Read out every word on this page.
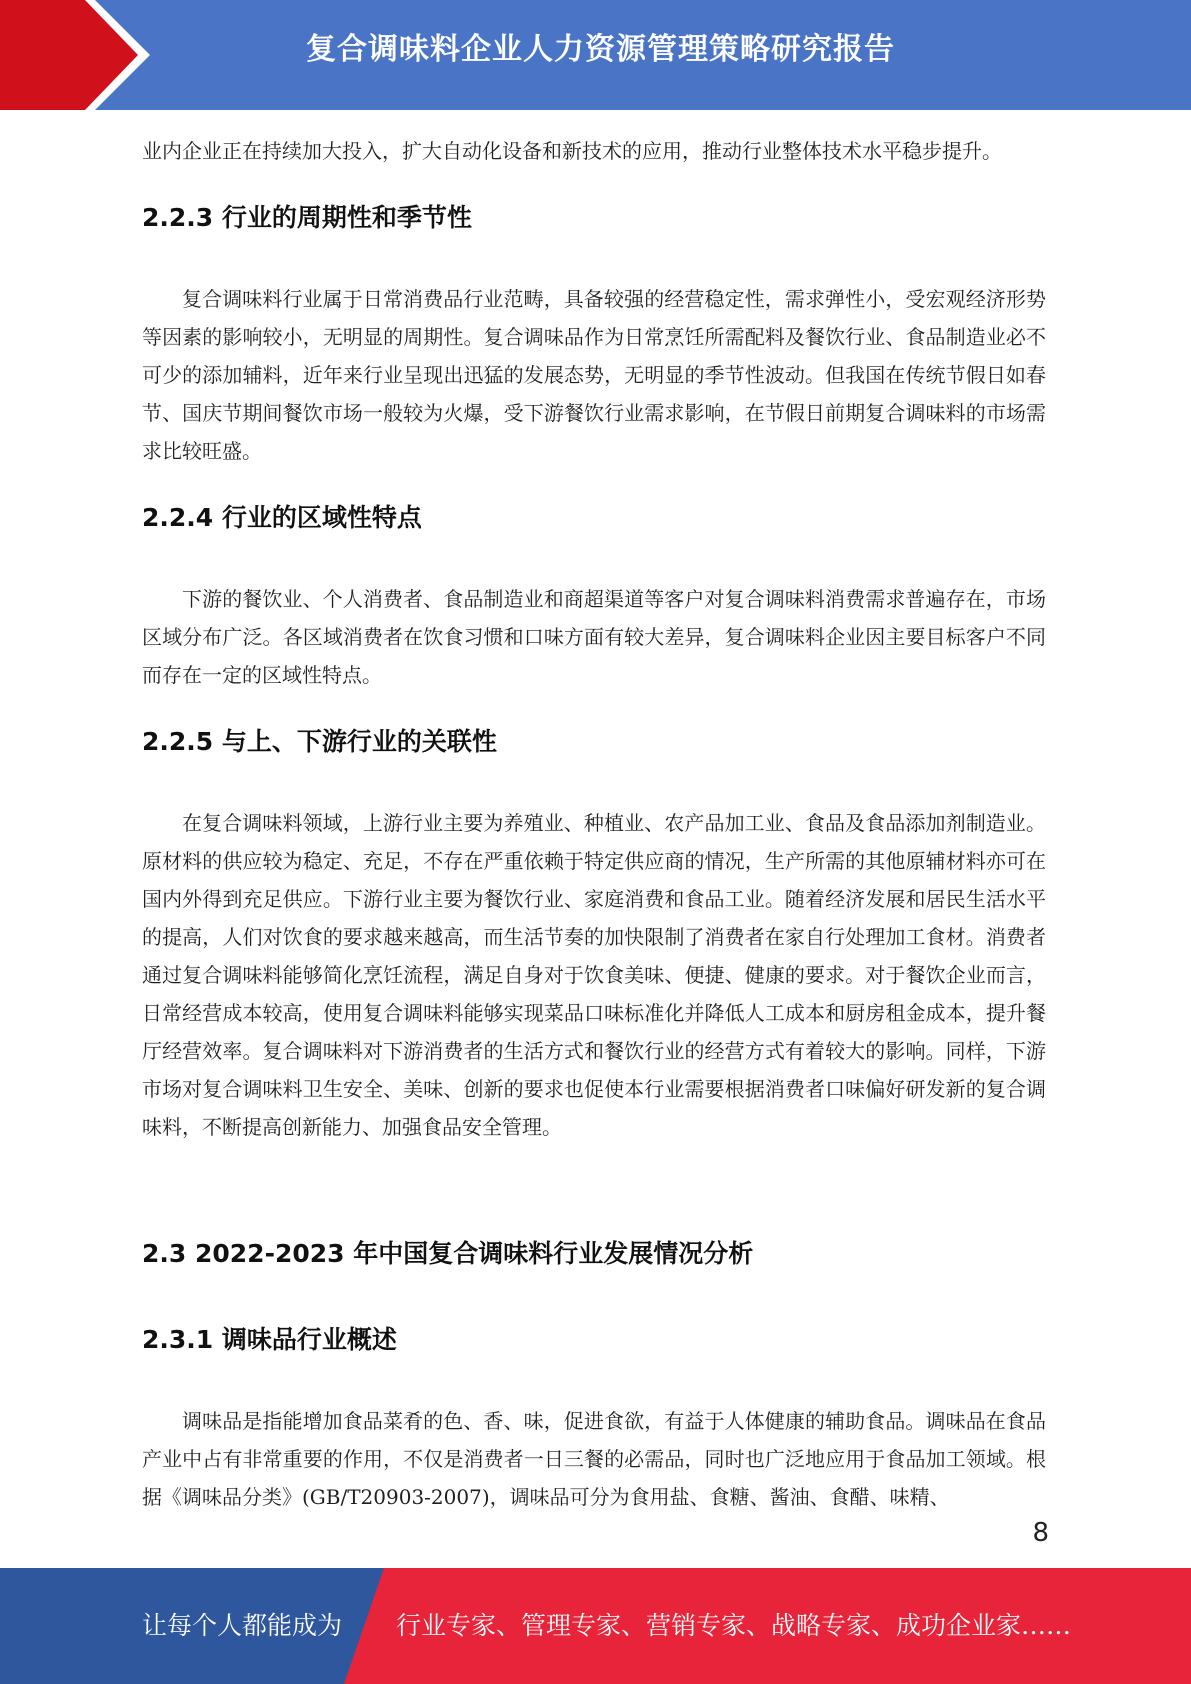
复合调味料企业人力资源管理策略研究报告

业内企业正在持续加大投入，扩大自动化设备和新技术的应用，推动行业整体技术水平稳步提升。

2.2.3 行业的周期性和季节性

复合调味料行业属于日常消费品行业范畴，具备较强的经营稳定性，需求弹性小，受宏观经济形势等因素的影响较小，无明显的周期性。复合调味品作为日常烹饪所需配料及餐饮行业、食品制造业必不可少的添加辅料，近年来行业呈现出迅猛的发展态势，无明显的季节性波动。但我国在传统节假日如春节、国庆节期间餐饮市场一般较为火爆，受下游餐饮行业需求影响，在节假日前期复合调味料的市场需求比较旺盛。

2.2.4 行业的区域性特点

下游的餐饮业、个人消费者、食品制造业和商超渠道等客户对复合调味料消费需求普遍存在，市场区域分布广泛。各区域消费者在饮食习惯和口味方面有较大差异，复合调味料企业因主要目标客户不同而存在一定的区域性特点。

2.2.5 与上、下游行业的关联性

在复合调味料领域，上游行业主要为养殖业、种植业、农产品加工业、食品及食品添加剂制造业。原材料的供应较为稳定、充足，不存在严重依赖于特定供应商的情况，生产所需的其他原辅材料亦可在国内外得到充足供应。下游行业主要为餐饮行业、家庭消费和食品工业。随着经济发展和居民生活水平的提高，人们对饮食的要求越来越高，而生活节奏的加快限制了消费者在家自行处理加工食材。消费者通过复合调味料能够简化烹饪流程，满足自身对于饮食美味、便捷、健康的要求。对于餐饮企业而言，日常经营成本较高，使用复合调味料能够实现菜品口味标准化并降低人工成本和厨房租金成本，提升餐厅经营效率。复合调味料对下游消费者的生活方式和餐饮行业的经营方式有着较大的影响。同样，下游市场对复合调味料卫生安全、美味、创新的要求也促使本行业需要根据消费者口味偏好研发新的复合调味料，不断提高创新能力、加强食品安全管理。

2.3 2022-2023 年中国复合调味料行业发展情况分析
2.3.1 调味品行业概述

调味品是指能增加食品菜肴的色、香、味，促进食欲，有益于人体健康的辅助食品。调味品在食品产业中占有非常重要的作用，不仅是消费者一日三餐的必需品，同时也广泛地应用于食品加工领域。根据《调味品分类》(GB/T20903-2007)，调味品可分为食用盐、食糖、酱油、食醋、味精、

8
让每个人都能成为 行业专家、管理专家、营销专家、战略专家、成功企业家……
